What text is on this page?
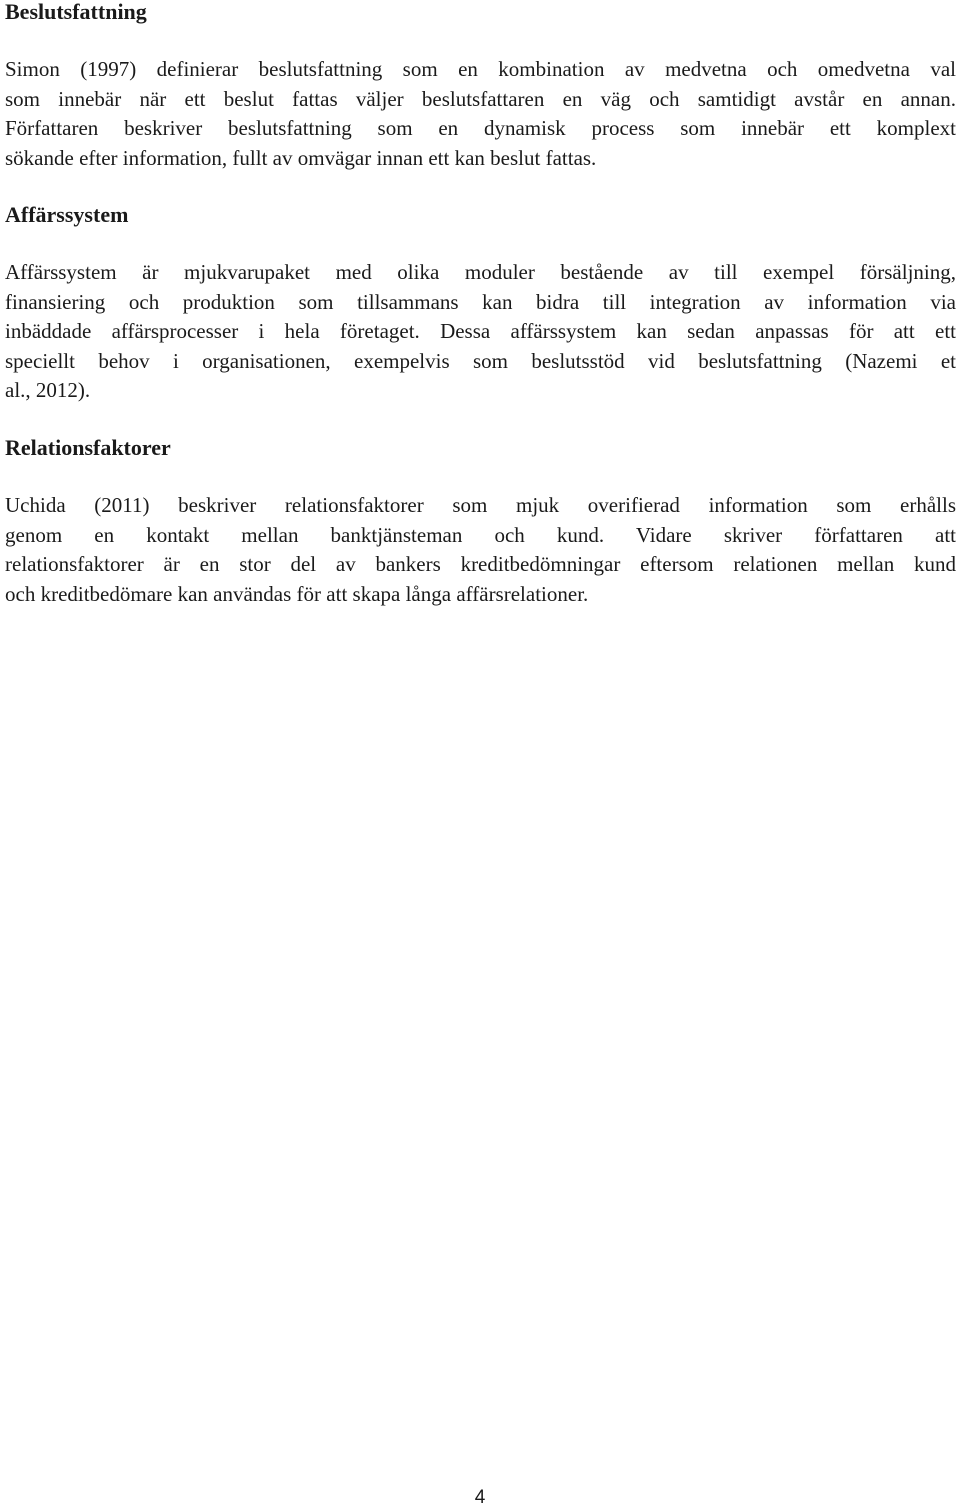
Beslutsfattning
Simon (1997) definierar beslutsfattning som en kombination av medvetna och omedvetna val
som innebär när ett beslut fattas väljer beslutsfattaren en väg och samtidigt avstår en annan.
Författaren beskriver beslutsfattning som en dynamisk process som innebär ett komplext
sökande efter information, fullt av omvägar innan ett kan beslut fattas.
Affärssystem
Affärssystem är mjukvarupaket med olika moduler bestående av till exempel försäljning,
finansiering och produktion som tillsammans kan bidra till integration av information via
inbäddade affärsprocesser i hela företaget. Dessa affärssystem kan sedan anpassas för att ett
speciellt behov i organisationen, exempelvis som beslutsstöd vid beslutsfattning (Nazemi et
al., 2012).
Relationsfaktorer
Uchida (2011) beskriver relationsfaktorer som mjuk overifierad information som erhålls
genom en kontakt mellan banktjänsteman och kund. Vidare skriver författaren att
relationsfaktorer är en stor del av bankers kreditbedömningar eftersom relationen mellan kund
och kreditbedömare kan användas för att skapa långa affärsrelationer.
4
